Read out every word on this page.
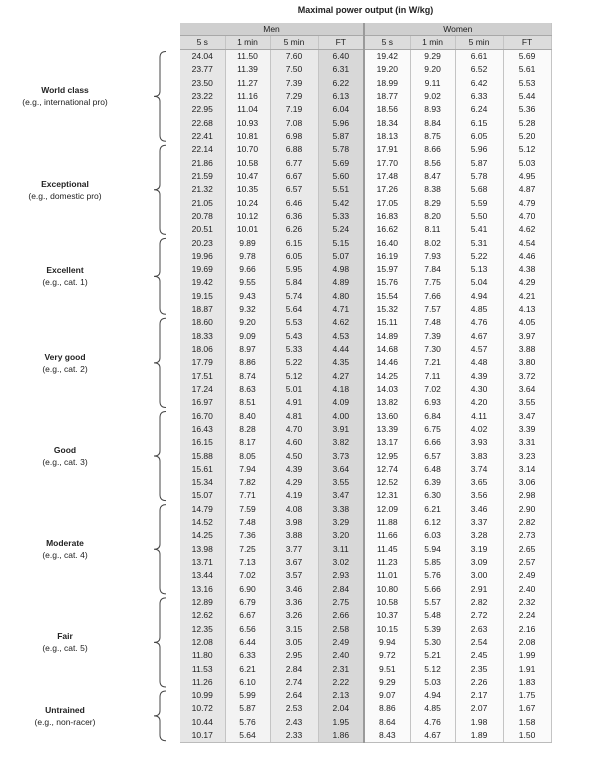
Maximal power output (in W/kg)
Men				Women			
5 s	1 min	5 min	FT	5 s	1 min	5 min	FT
24.04	11.50	7.60	6.40	19.42	9.29	6.61	5.69
23.77	11.39	7.50	6.31	19.20	9.20	6.52	5.61
23.50	11.27	7.39	6.22	18.99	9.11	6.42	5.53
23.22	11.16	7.29	6.13	18.77	9.02	6.33	5.44
22.95	11.04	7.19	6.04	18.56	8.93	6.24	5.36
22.68	10.93	7.08	5.96	18.34	8.84	6.15	5.28
22.41	10.81	6.98	5.87	18.13	8.75	6.05	5.20
22.14	10.70	6.88	5.78	17.91	8.66	5.96	5.12
21.86	10.58	6.77	5.69	17.70	8.56	5.87	5.03
21.59	10.47	6.67	5.60	17.48	8.47	5.78	4.95
21.32	10.35	6.57	5.51	17.26	8.38	5.68	4.87
21.05	10.24	6.46	5.42	17.05	8.29	5.59	4.79
20.78	10.12	6.36	5.33	16.83	8.20	5.50	4.70
20.51	10.01	6.26	5.24	16.62	8.11	5.41	4.62
20.23	9.89	6.15	5.15	16.40	8.02	5.31	4.54
19.96	9.78	6.05	5.07	16.19	7.93	5.22	4.46
19.69	9.66	5.95	4.98	15.97	7.84	5.13	4.38
19.42	9.55	5.84	4.89	15.76	7.75	5.04	4.29
19.15	9.43	5.74	4.80	15.54	7.66	4.94	4.21
18.87	9.32	5.64	4.71	15.32	7.57	4.85	4.13
18.60	9.20	5.53	4.62	15.11	7.48	4.76	4.05
18.33	9.09	5.43	4.53	14.89	7.39	4.67	3.97
18.06	8.97	5.33	4.44	14.68	7.30	4.57	3.88
17.79	8.86	5.22	4.35	14.46	7.21	4.48	3.80
17.51	8.74	5.12	4.27	14.25	7.11	4.39	3.72
17.24	8.63	5.01	4.18	14.03	7.02	4.30	3.64
16.97	8.51	4.91	4.09	13.82	6.93	4.20	3.55
16.70	8.40	4.81	4.00	13.60	6.84	4.11	3.47
16.43	8.28	4.70	3.91	13.39	6.75	4.02	3.39
16.15	8.17	4.60	3.82	13.17	6.66	3.93	3.31
15.88	8.05	4.50	3.73	12.95	6.57	3.83	3.23
15.61	7.94	4.39	3.64	12.74	6.48	3.74	3.14
15.34	7.82	4.29	3.55	12.52	6.39	3.65	3.06
15.07	7.71	4.19	3.47	12.31	6.30	3.56	2.98
14.79	7.59	4.08	3.38	12.09	6.21	3.46	2.90
14.52	7.48	3.98	3.29	11.88	6.12	3.37	2.82
14.25	7.36	3.88	3.20	11.66	6.03	3.28	2.73
13.98	7.25	3.77	3.11	11.45	5.94	3.19	2.65
13.71	7.13	3.67	3.02	11.23	5.85	3.09	2.57
13.44	7.02	3.57	2.93	11.01	5.76	3.00	2.49
13.16	6.90	3.46	2.84	10.80	5.66	2.91	2.40
12.89	6.79	3.36	2.75	10.58	5.57	2.82	2.32
12.62	6.67	3.26	2.66	10.37	5.48	2.72	2.24
12.35	6.56	3.15	2.58	10.15	5.39	2.63	2.16
12.08	6.44	3.05	2.49	9.94	5.30	2.54	2.08
11.80	6.33	2.95	2.40	9.72	5.21	2.45	1.99
11.53	6.21	2.84	2.31	9.51	5.12	2.35	1.91
11.26	6.10	2.74	2.22	9.29	5.03	2.26	1.83
10.99	5.99	2.64	2.13	9.07	4.94	2.17	1.75
10.72	5.87	2.53	2.04	8.86	4.85	2.07	1.67
10.44	5.76	2.43	1.95	8.64	4.76	1.98	1.58
10.17	5.64	2.33	1.86	8.43	4.67	1.89	1.50
World class
(e.g., international pro)
Exceptional
(e.g., domestic pro)
Excellent
(e.g., cat. 1)
Very good
(e.g., cat. 2)
Good
(e.g., cat. 3)
Moderate
(e.g., cat. 4)
Fair
(e.g., cat. 5)
Untrained
(e.g., non-racer)
